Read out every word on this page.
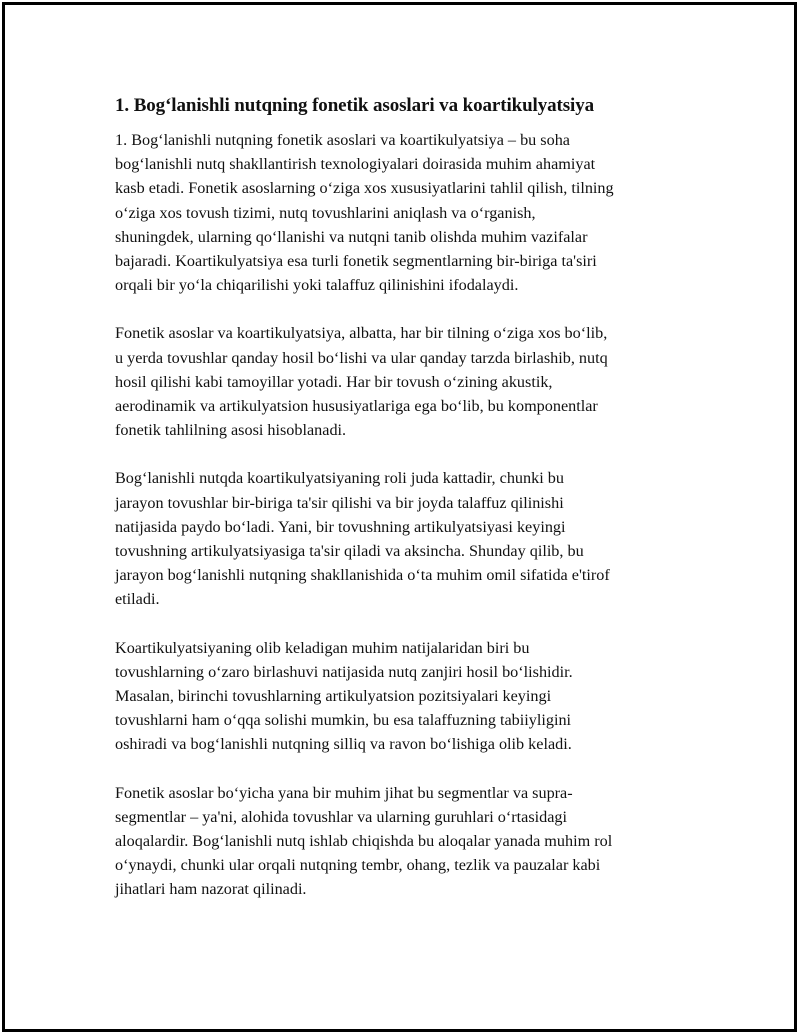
1. Bog‘lanishli nutqning fonetik asoslari va koartikulyatsiya

1. Bog‘lanishli nutqning fonetik asoslari va koartikulyatsiya – bu soha
bog‘lanishli nutq shakllantirish texnologiyalari doirasida muhim ahamiyat
kasb etadi. Fonetik asoslarning o‘ziga xos xususiyatlarini tahlil qilish, tilning
o‘ziga xos tovush tizimi, nutq tovushlarini aniqlash va o‘rganish,
shuningdek, ularning qo‘llanishi va nutqni tanib olishda muhim vazifalar
bajaradi. Koartikulyatsiya esa turli fonetik segmentlarning bir-biriga ta'siri
orqali bir yo‘la chiqarilishi yoki talaffuz qilinishini ifodalaydi.

Fonetik asoslar va koartikulyatsiya, albatta, har bir tilning o‘ziga xos bo‘lib,
u yerda tovushlar qanday hosil bo‘lishi va ular qanday tarzda birlashib, nutq
hosil qilishi kabi tamoyillar yotadi. Har bir tovush o‘zining akustik,
aerodinamik va artikulyatsion hususiyatlariga ega bo‘lib, bu komponentlar
fonetik tahlilning asosi hisoblanadi.

Bog‘lanishli nutqda koartikulyatsiyaning roli juda kattadir, chunki bu
jarayon tovushlar bir-biriga ta'sir qilishi va bir joyda talaffuz qilinishi
natijasida paydo bo‘ladi. Yani, bir tovushning artikulyatsiyasi keyingi
tovushning artikulyatsiyasiga ta'sir qiladi va aksincha. Shunday qilib, bu
jarayon bog‘lanishli nutqning shakllanishida o‘ta muhim omil sifatida e'tirof
etiladi.

Koartikulyatsiyaning olib keladigan muhim natijalaridan biri bu
tovushlarning o‘zaro birlashuvi natijasida nutq zanjiri hosil bo‘lishidir.
Masalan, birinchi tovushlarning artikulyatsion pozitsiyalari keyingi
tovushlarni ham o‘qqa solishi mumkin, bu esa talaffuzning tabiiyligini
oshiradi va bog‘lanishli nutqning silliq va ravon bo‘lishiga olib keladi.

Fonetik asoslar bo‘yicha yana bir muhim jihat bu segmentlar va supra-
segmentlar – ya'ni, alohida tovushlar va ularning guruhlari o‘rtasidagi
aloqalardir. Bog‘lanishli nutq ishlab chiqishda bu aloqalar yanada muhim rol
o‘ynaydi, chunki ular orqali nutqning tembr, ohang, tezlik va pauzalar kabi
jihatlari ham nazorat qilinadi.
